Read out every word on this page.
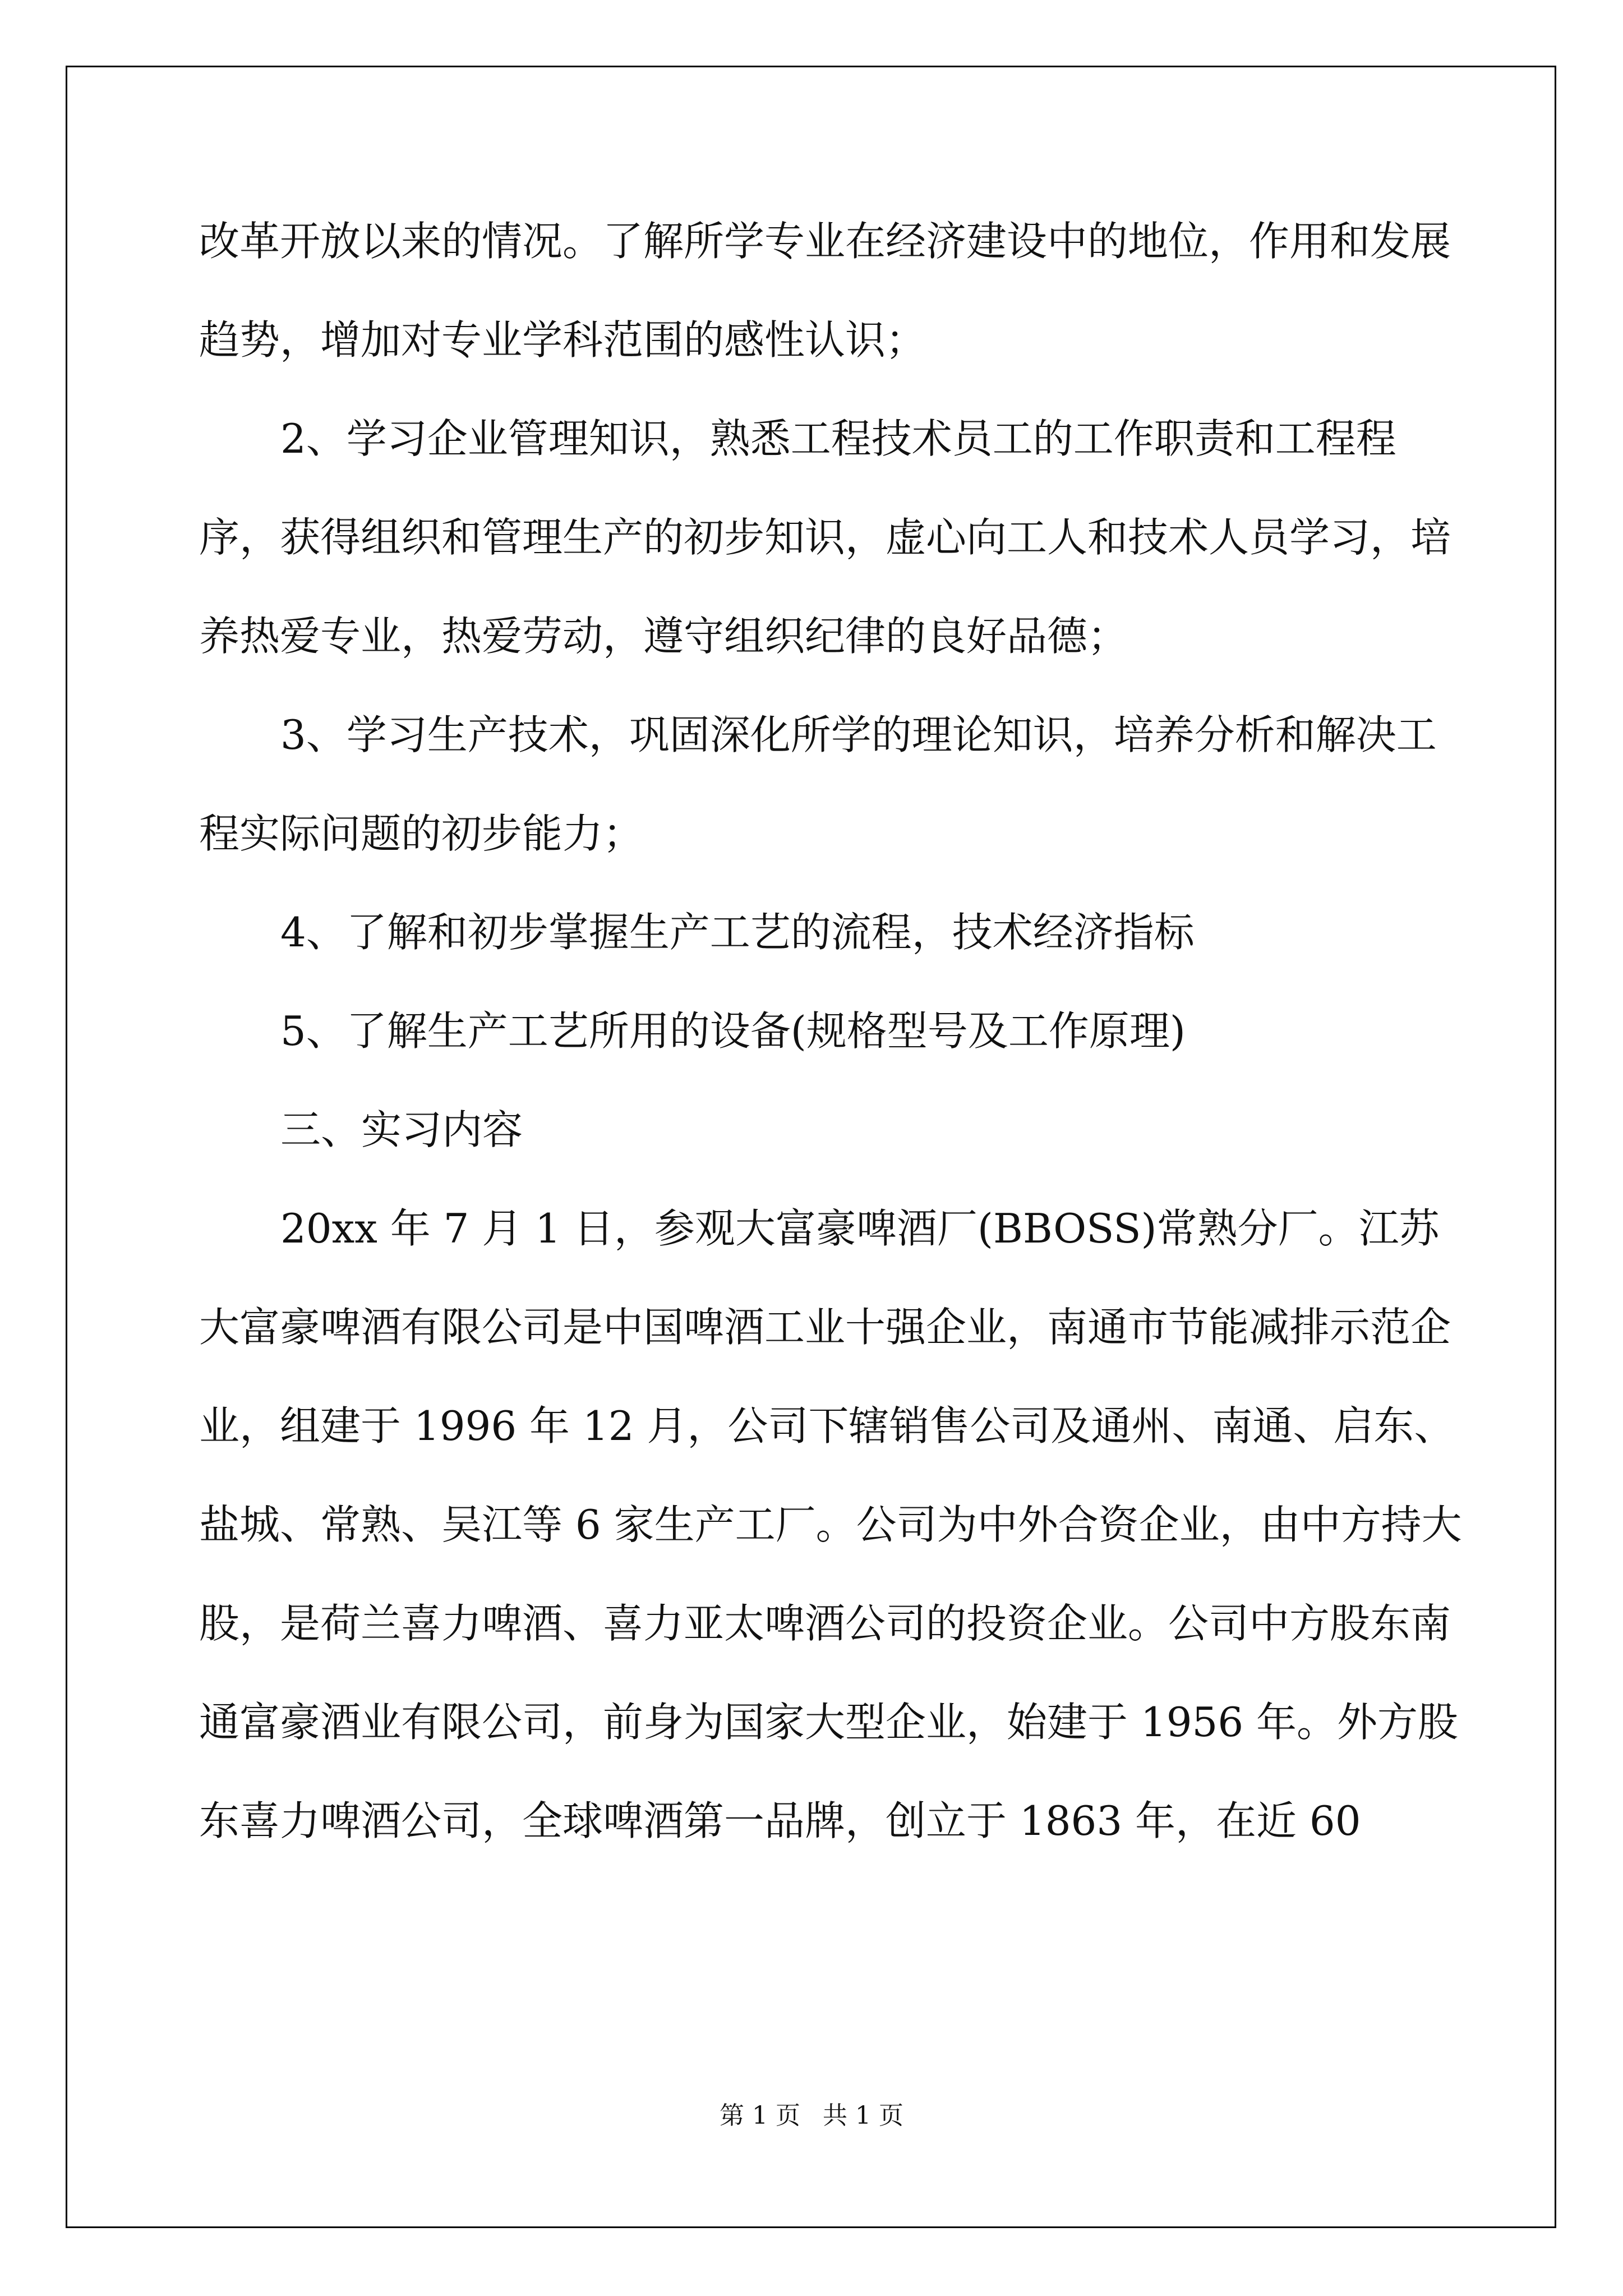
改革开放以来的情况。了解所学专业在经济建设中的地位，作用和发展趋势，增加对专业学科范围的感性认识；

2、学习企业管理知识，熟悉工程技术员工的工作职责和工程程序，获得组织和管理生产的初步知识，虚心向工人和技术人员学习，培养热爱专业，热爱劳动，遵守组织纪律的良好品德；

3、学习生产技术，巩固深化所学的理论知识，培养分析和解决工程实际问题的初步能力；

4、了解和初步掌握生产工艺的流程，技术经济指标

5、了解生产工艺所用的设备(规格型号及工作原理)

三、实习内容

20xx 年 7 月 1 日，参观大富豪啤酒厂(BBOSS)常熟分厂。江苏大富豪啤酒有限公司是中国啤酒工业十强企业，南通市节能减排示范企业，组建于 1996 年 12 月，公司下辖销售公司及通州、南通、启东、盐城、常熟、吴江等 6 家生产工厂。公司为中外合资企业，由中方持大股，是荷兰喜力啤酒、喜力亚太啤酒公司的投资企业。公司中方股东南通富豪酒业有限公司，前身为国家大型企业，始建于 1956 年。外方股东喜力啤酒公司，全球啤酒第一品牌，创立于 1863 年，在近 60

第 1 页 共 1 页
